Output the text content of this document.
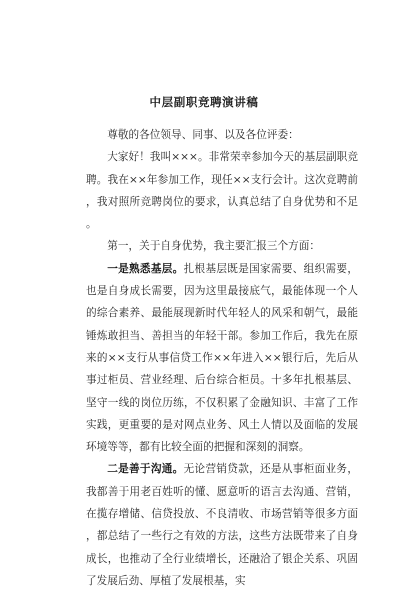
中层副职竞聘演讲稿

尊敬的各位领导、同事、以及各位评委：

大家好！我叫×××。非常荣幸参加今天的基层副职竞聘。我在××年参加工作，现任××支行会计。这次竞聘前，我对照所竞聘岗位的要求，认真总结了自身优势和不足。

第一，关于自身优势，我主要汇报三个方面：

一是熟悉基层。扎根基层既是国家需要、组织需要，也是自身成长需要，因为这里最接底气，最能体现一个人的综合素养、最能展现新时代年轻人的风采和朝气，最能锤炼敢担当、善担当的年轻干部。参加工作后，我先在原来的××支行从事信贷工作××年进入××银行后，先后从事过柜员、营业经理、后台综合柜员。十多年扎根基层、坚守一线的岗位历练，不仅积累了金融知识、丰富了工作实践，更重要的是对网点业务、风土人情以及面临的发展环境等等，都有比较全面的把握和深刻的洞察。

二是善于沟通。无论营销贷款，还是从事柜面业务，我都善于用老百姓听的懂、愿意听的语言去沟通、营销，在揽存增储、信贷投放、不良清收、市场营销等很多方面，都总结了一些行之有效的方法，这些方法既带来了自身成长，也推动了全行业绩增长，还融洽了银企关系、巩固了发展后劲、厚植了发展根基，实
